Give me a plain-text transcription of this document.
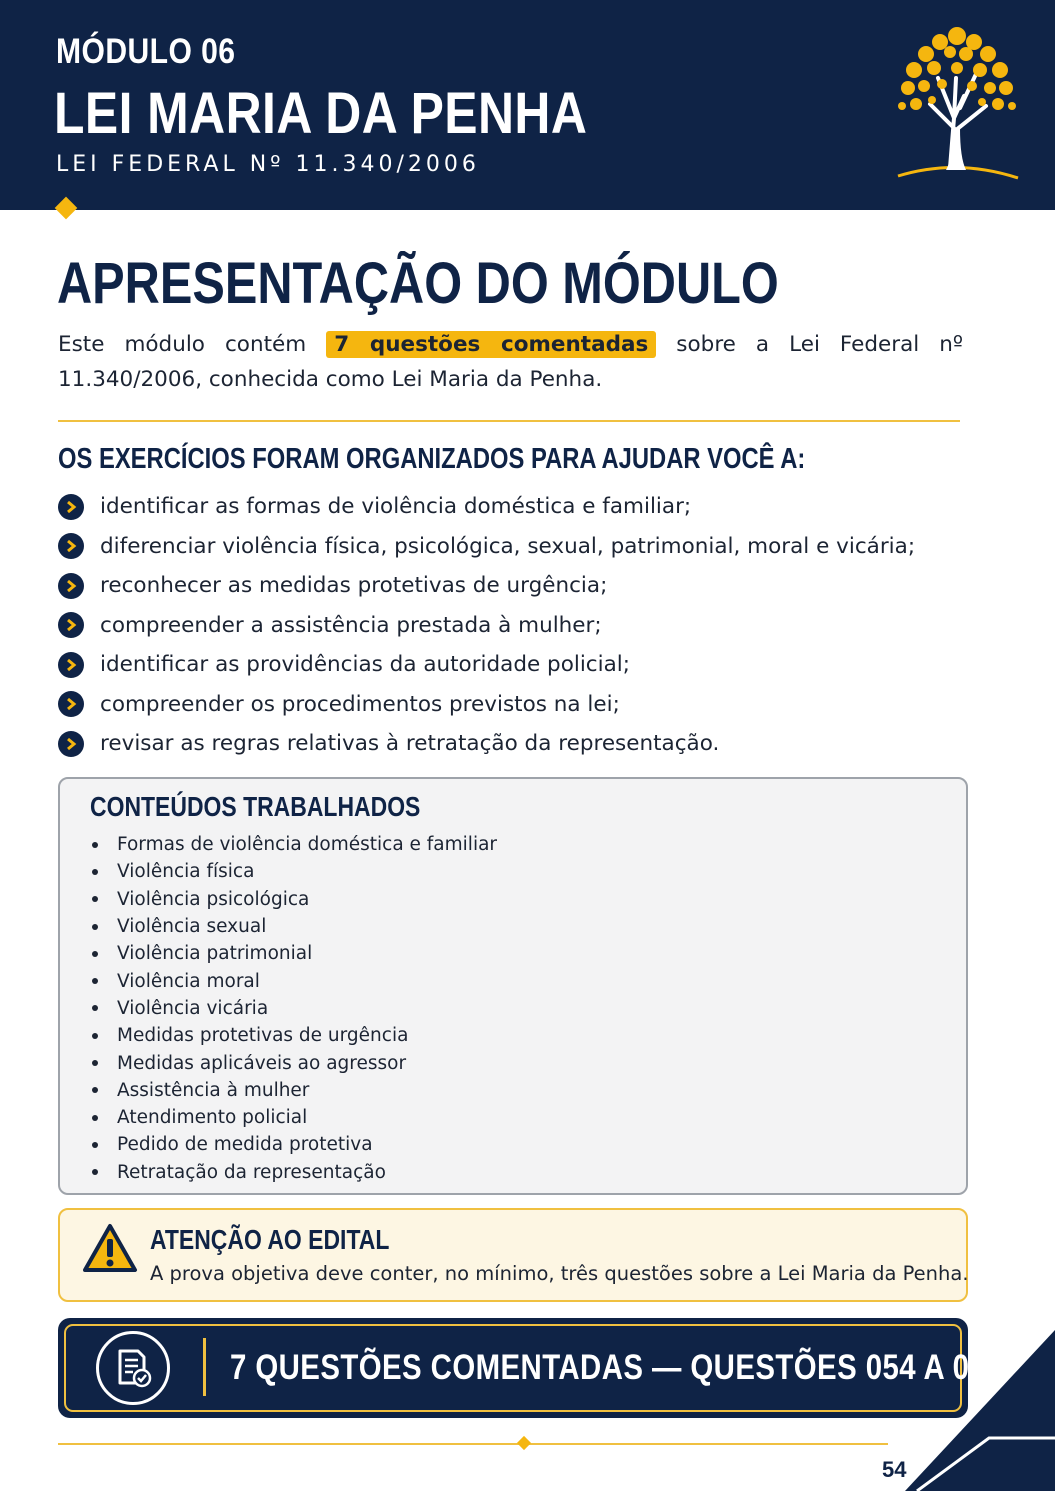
MÓDULO 06
LEI MARIA DA PENHA
LEI FEDERAL Nº 11.340/2006
APRESENTAÇÃO DO MÓDULO

Este módulo contém 7 questões comentadas sobre a Lei Federal nº 11.340/2006, conhecida como Lei Maria da Penha.

OS EXERCÍCIOS FORAM ORGANIZADOS PARA AJUDAR VOCÊ A:
identificar as formas de violência doméstica e familiar;
diferenciar violência física, psicológica, sexual, patrimonial, moral e vicária;
reconhecer as medidas protetivas de urgência;
compreender a assistência prestada à mulher;
identificar as providências da autoridade policial;
compreender os procedimentos previstos na lei;
revisar as regras relativas à retratação da representação.
CONTEÚDOS TRABALHADOS
Formas de violência doméstica e familiar
Violência física
Violência psicológica
Violência sexual
Violência patrimonial
Violência moral
Violência vicária
Medidas protetivas de urgência
Medidas aplicáveis ao agressor
Assistência à mulher
Atendimento policial
Pedido de medida protetiva
Retratação da representação
ATENÇÃO AO EDITAL
A prova objetiva deve conter, no mínimo, três questões sobre a Lei Maria da Penha.
7 QUESTÕES COMENTADAS — QUESTÕES 054 A 060
54
